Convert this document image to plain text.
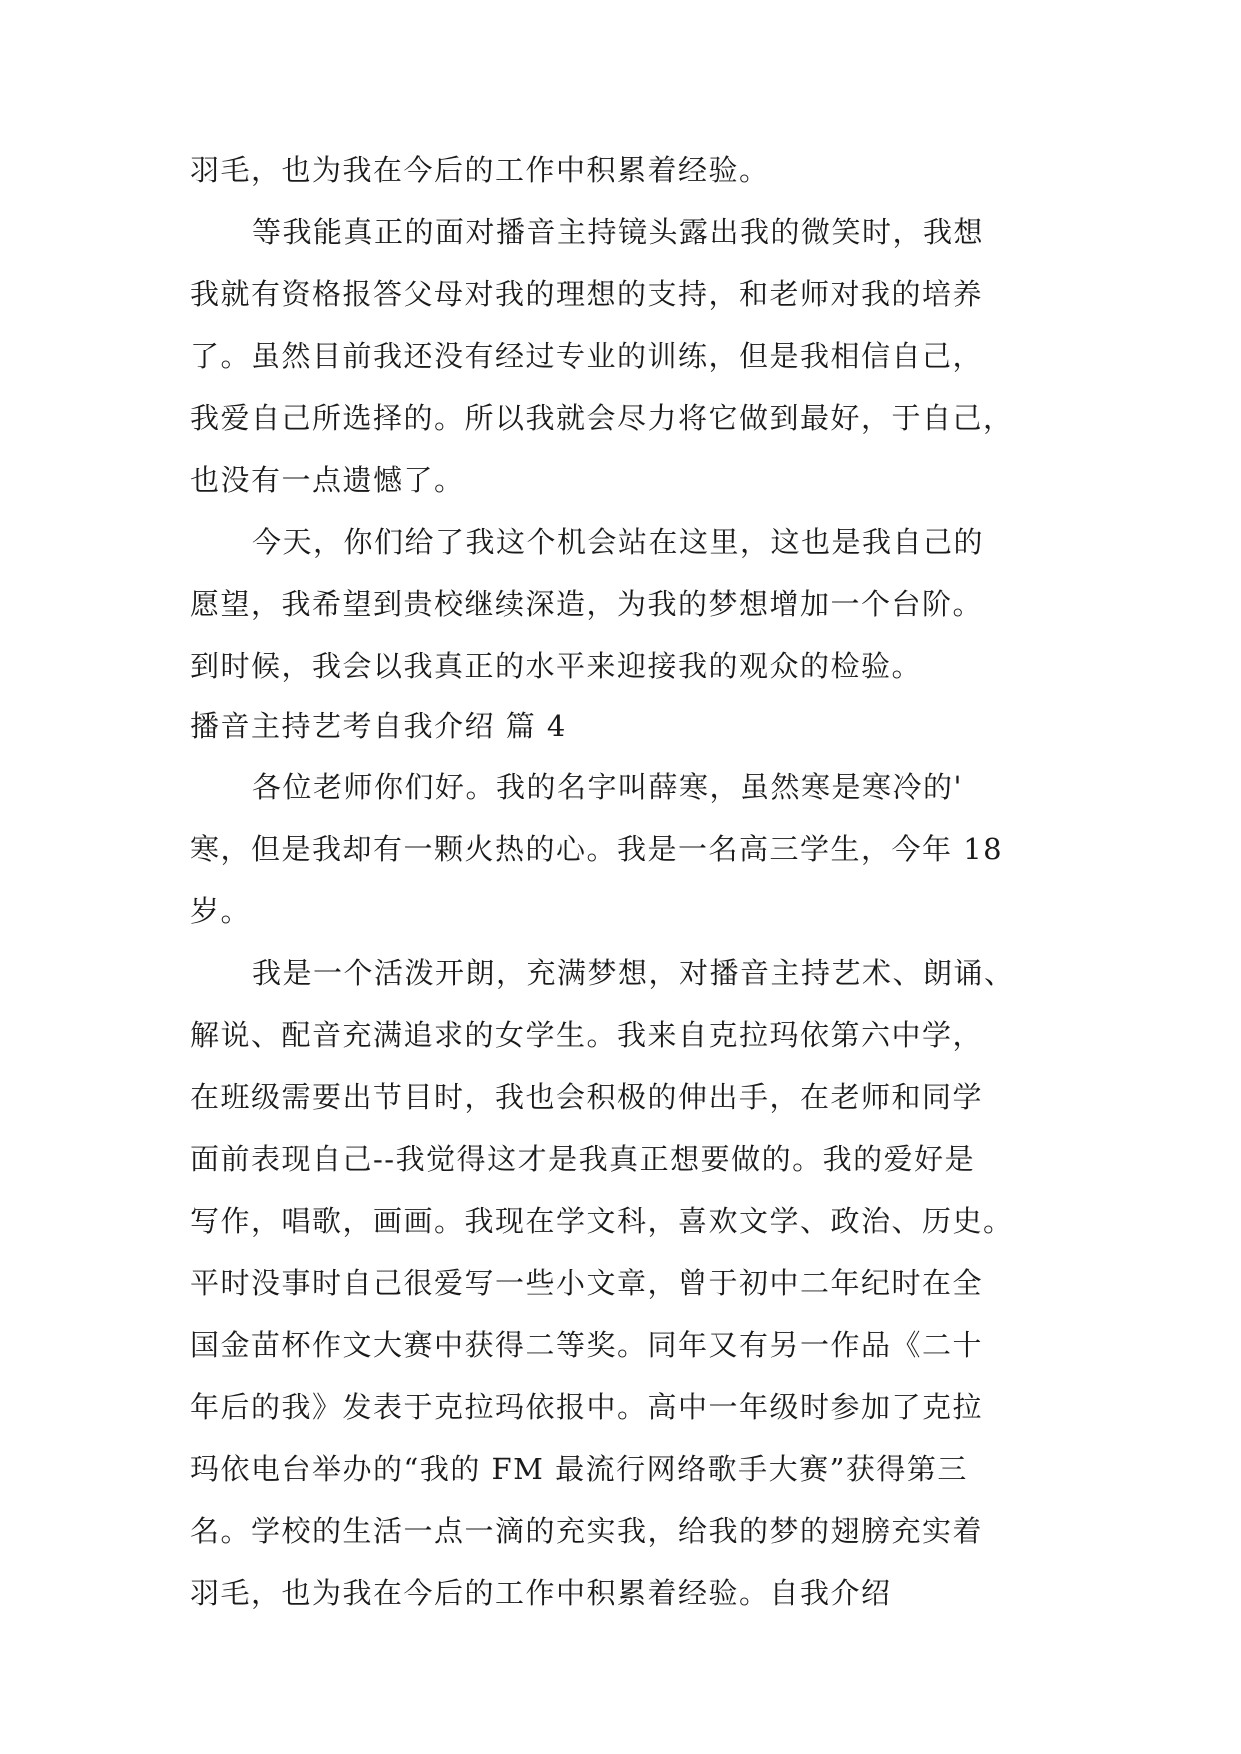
羽毛，也为我在今后的工作中积累着经验。
等我能真正的面对播音主持镜头露出我的微笑时，我想
我就有资格报答父母对我的理想的支持，和老师对我的培养
了。虽然目前我还没有经过专业的训练，但是我相信自己，
我爱自己所选择的。所以我就会尽力将它做到最好，于自己，
也没有一点遗憾了。
今天，你们给了我这个机会站在这里，这也是我自己的
愿望，我希望到贵校继续深造，为我的梦想增加一个台阶。
到时候，我会以我真正的水平来迎接我的观众的检验。
播音主持艺考自我介绍 篇 4
各位老师你们好。我的名字叫薛寒，虽然寒是寒冷的'
寒，但是我却有一颗火热的心。我是一名高三学生，今年 18
岁。
我是一个活泼开朗，充满梦想，对播音主持艺术、朗诵、
解说、配音充满追求的女学生。我来自克拉玛依第六中学，
在班级需要出节目时，我也会积极的伸出手，在老师和同学
面前表现自己--我觉得这才是我真正想要做的。我的爱好是
写作，唱歌，画画。我现在学文科，喜欢文学、政治、历史。
平时没事时自己很爱写一些小文章，曾于初中二年纪时在全
国金苗杯作文大赛中获得二等奖。同年又有另一作品《二十
年后的我》发表于克拉玛依报中。高中一年级时参加了克拉
玛依电台举办的“我的 FM 最流行网络歌手大赛”获得第三
名。学校的生活一点一滴的充实我，给我的梦的翅膀充实着
羽毛，也为我在今后的工作中积累着经验。自我介绍
